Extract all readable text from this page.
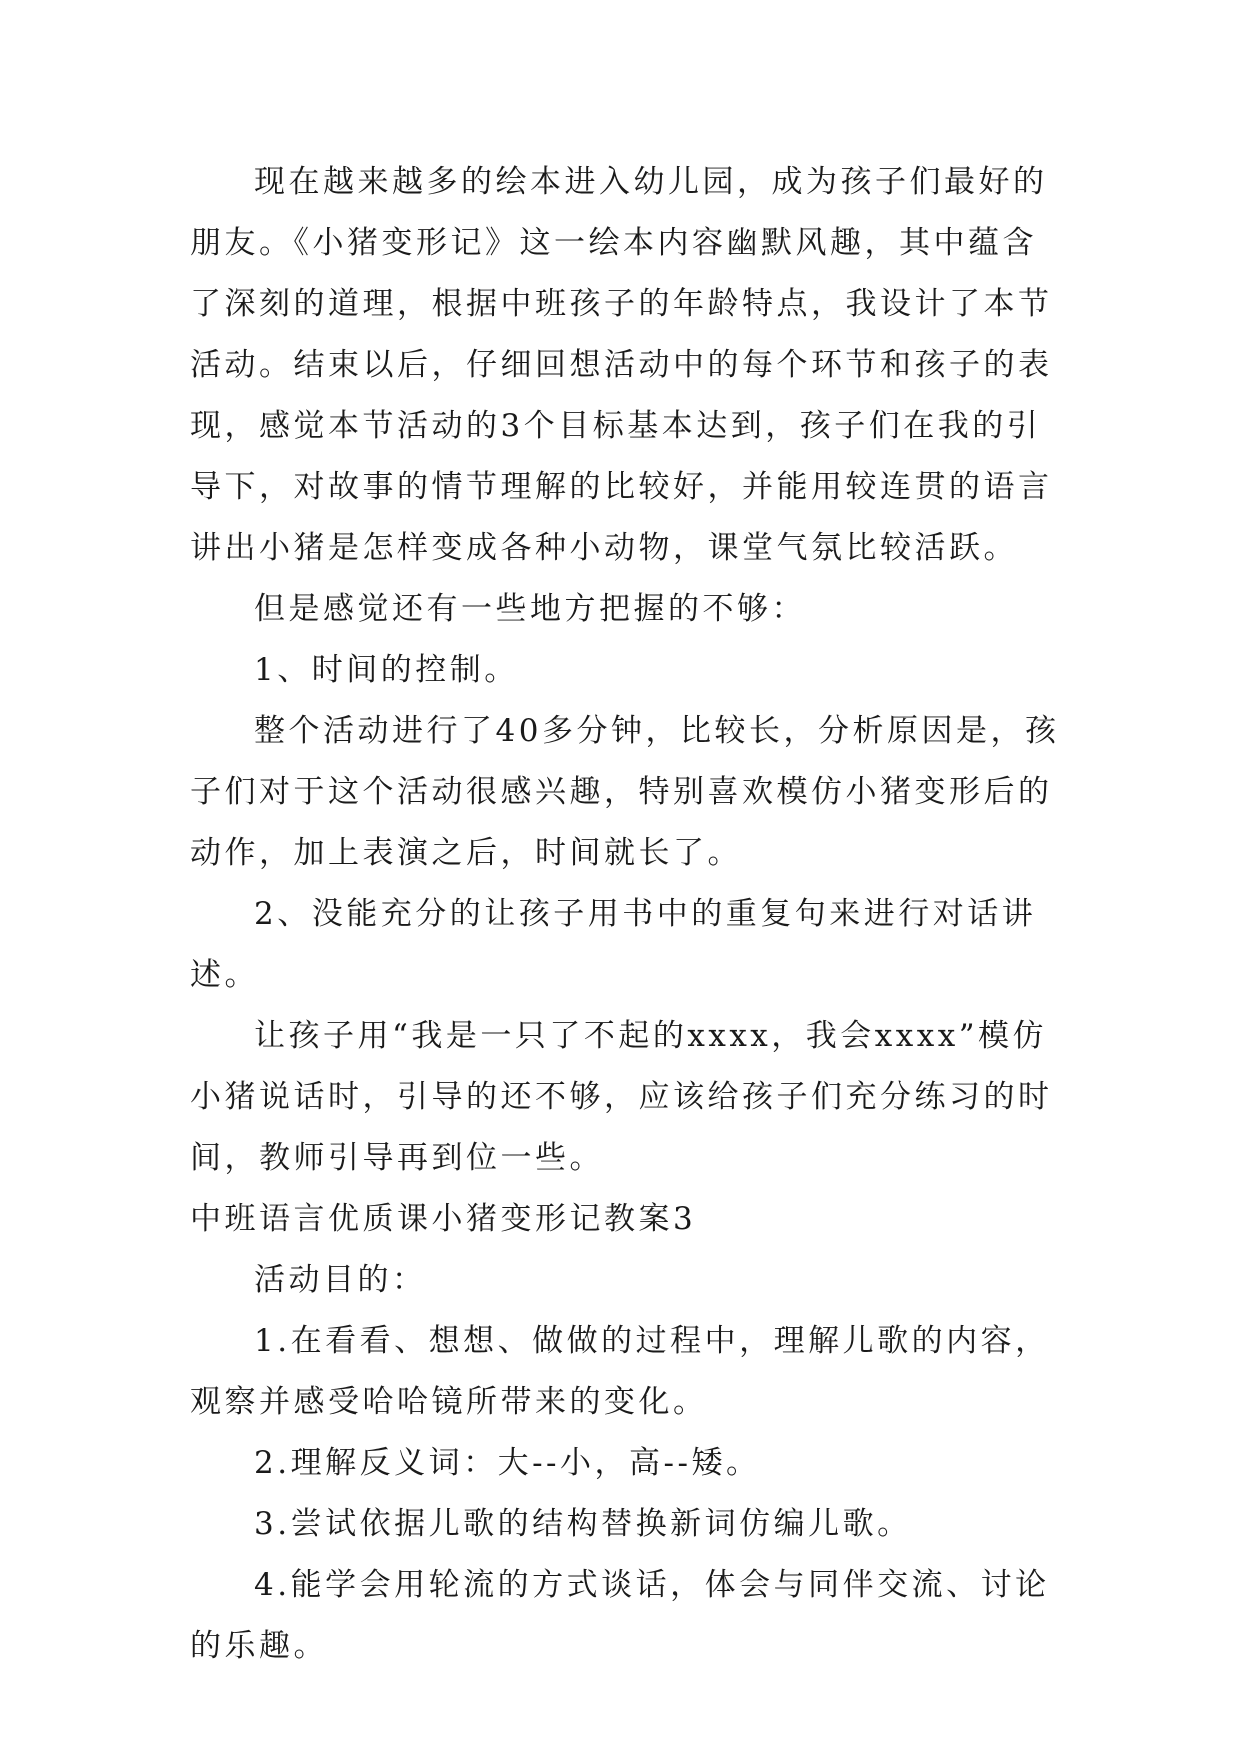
现在越来越多的绘本进入幼儿园，成为孩子们最好的朋友。《小猪变形记》这一绘本内容幽默风趣，其中蕴含了深刻的道理，根据中班孩子的年龄特点，我设计了本节活动。结束以后，仔细回想活动中的每个环节和孩子的表现，感觉本节活动的3个目标基本达到，孩子们在我的引导下，对故事的情节理解的比较好，并能用较连贯的语言讲出小猪是怎样变成各种小动物，课堂气氛比较活跃。

但是感觉还有一些地方把握的不够：

1、时间的控制。

整个活动进行了40多分钟，比较长，分析原因是，孩子们对于这个活动很感兴趣，特别喜欢模仿小猪变形后的动作，加上表演之后，时间就长了。

2、没能充分的让孩子用书中的重复句来进行对话讲述。

让孩子用“我是一只了不起的xxxx，我会xxxx”模仿小猪说话时，引导的还不够，应该给孩子们充分练习的时间，教师引导再到位一些。

中班语言优质课小猪变形记教案3

活动目的：

1.在看看、想想、做做的过程中，理解儿歌的内容，观察并感受哈哈镜所带来的变化。

2.理解反义词：大--小，高--矮。

3.尝试依据儿歌的结构替换新词仿编儿歌。

4.能学会用轮流的方式谈话，体会与同伴交流、讨论的乐趣。
